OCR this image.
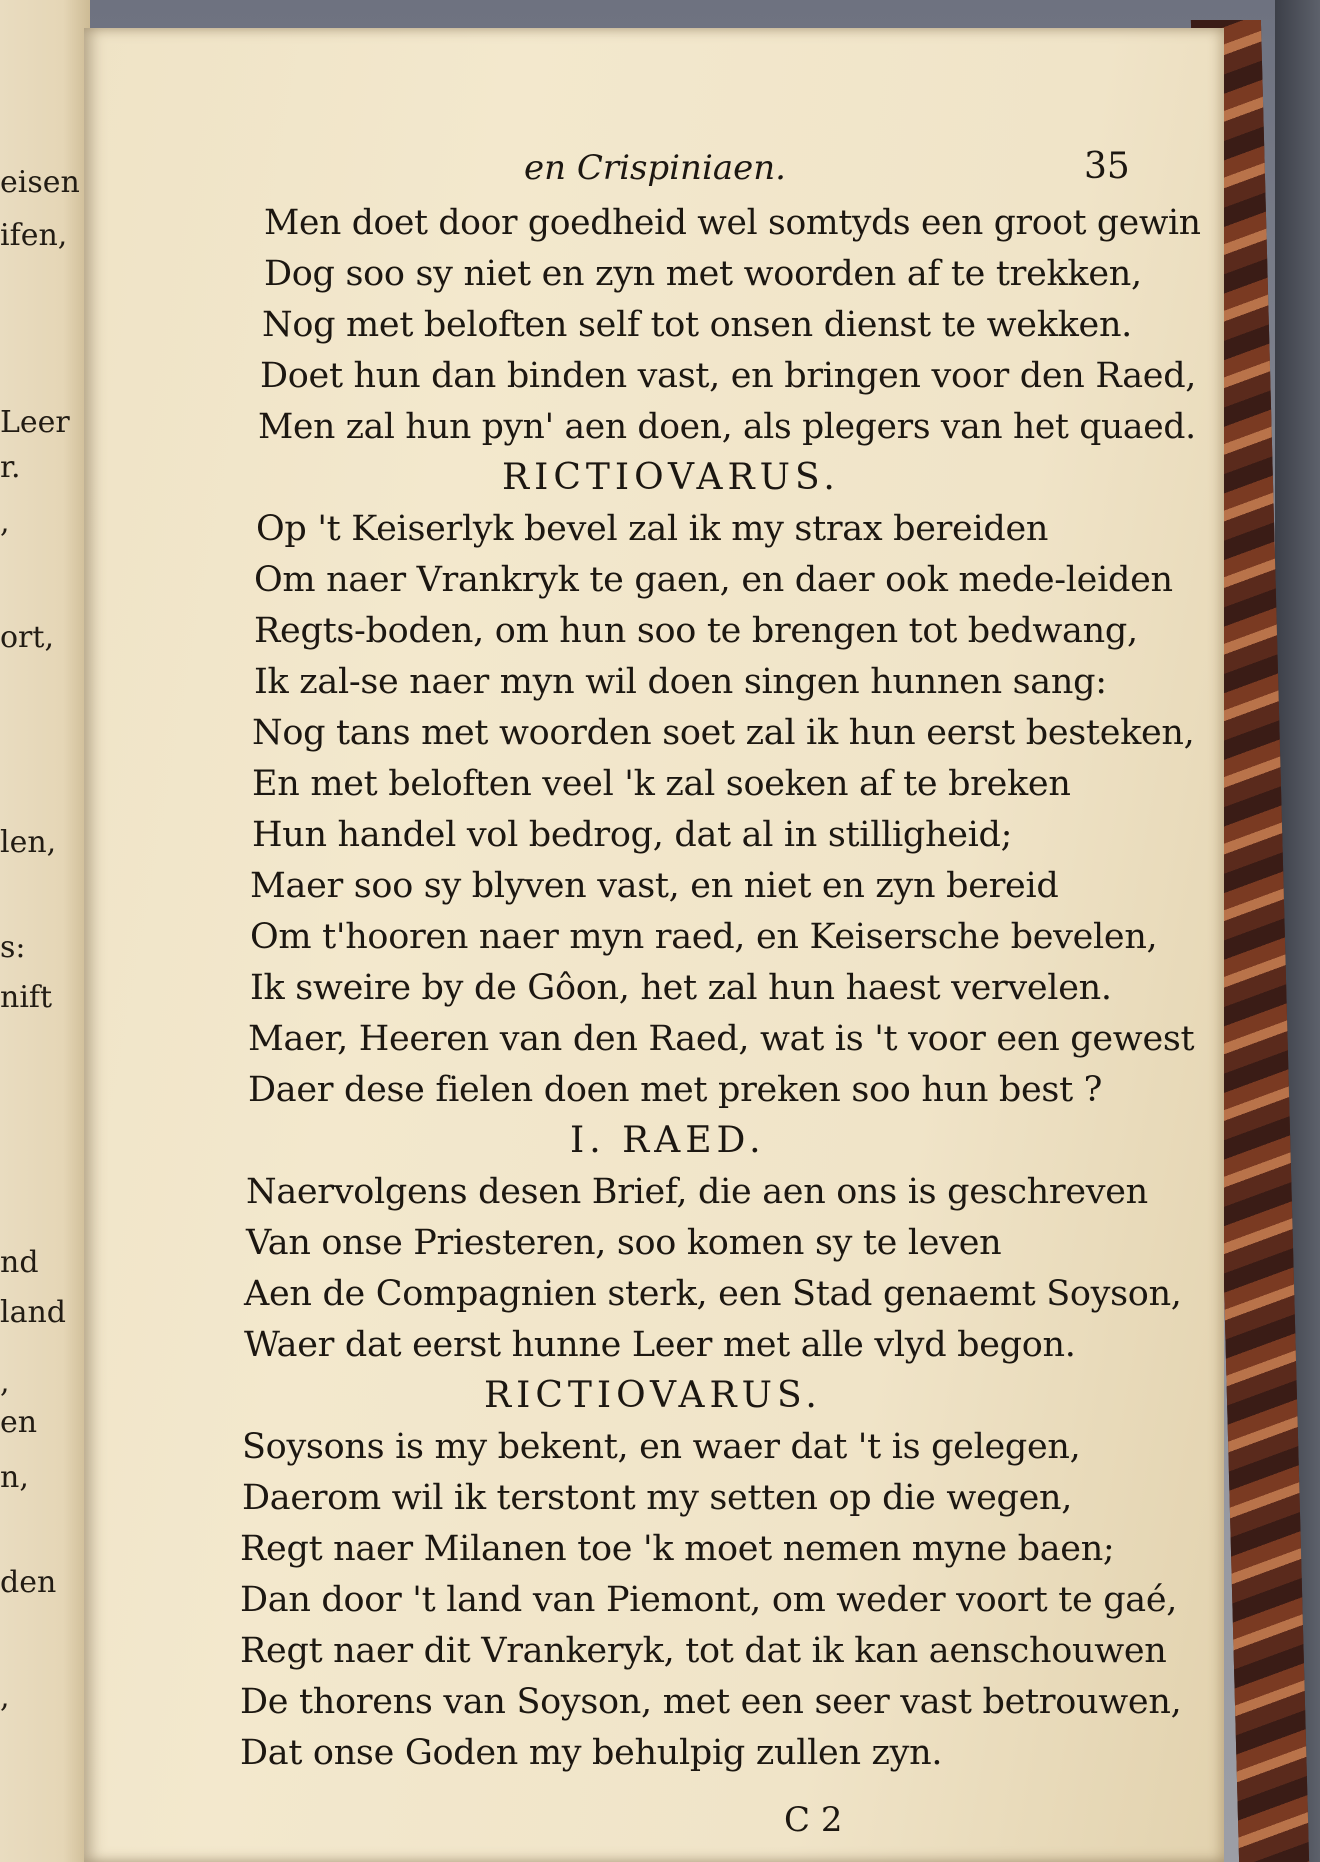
eisen
ifen,
Leer
r.
,
ort,
len,
s:
nift
nd
land
,
en
n,
den
,
en Crispiniaen.	35
Men doet door goedheid wel somtyds een groot gewin
Dog soo sy niet en zyn met woorden af te trekken,
Nog met beloften self tot onsen dienst te wekken.
Doet hun dan binden vast, en bringen voor den Raed,
Men zal hun pyn' aen doen, als plegers van het quaed.
RICTIOVARUS.
Op 't Keiserlyk bevel zal ik my strax bereiden
Om naer Vrankryk te gaen, en daer ook mede-leiden
Regts-boden, om hun soo te brengen tot bedwang,
Ik zal-se naer myn wil doen singen hunnen sang:
Nog tans met woorden soet zal ik hun eerst besteken,
En met beloften veel 'k zal soeken af te breken
Hun handel vol bedrog, dat al in stilligheid;
Maer soo sy blyven vast, en niet en zyn bereid
Om t'hooren naer myn raed, en Keisersche bevelen,
Ik sweire by de Gôon, het zal hun haest vervelen.
Maer, Heeren van den Raed, wat is 't voor een gewest
Daer dese fielen doen met preken soo hun best ?
I. RAED.
Naervolgens desen Brief, die aen ons is geschreven
Van onse Priesteren, soo komen sy te leven
Aen de Compagnien sterk, een Stad genaemt Soyson,
Waer dat eerst hunne Leer met alle vlyd begon.
RICTIOVARUS.
Soysons is my bekent, en waer dat 't is gelegen,
Daerom wil ik terstont my setten op die wegen,
Regt naer Milanen toe 'k moet nemen myne baen;
Dan door 't land van Piemont, om weder voort te gaé,
Regt naer dit Vrankeryk, tot dat ik kan aenschouwen
De thorens van Soyson, met een seer vast betrouwen,
Dat onse Goden my behulpig zullen zyn.
C 2
